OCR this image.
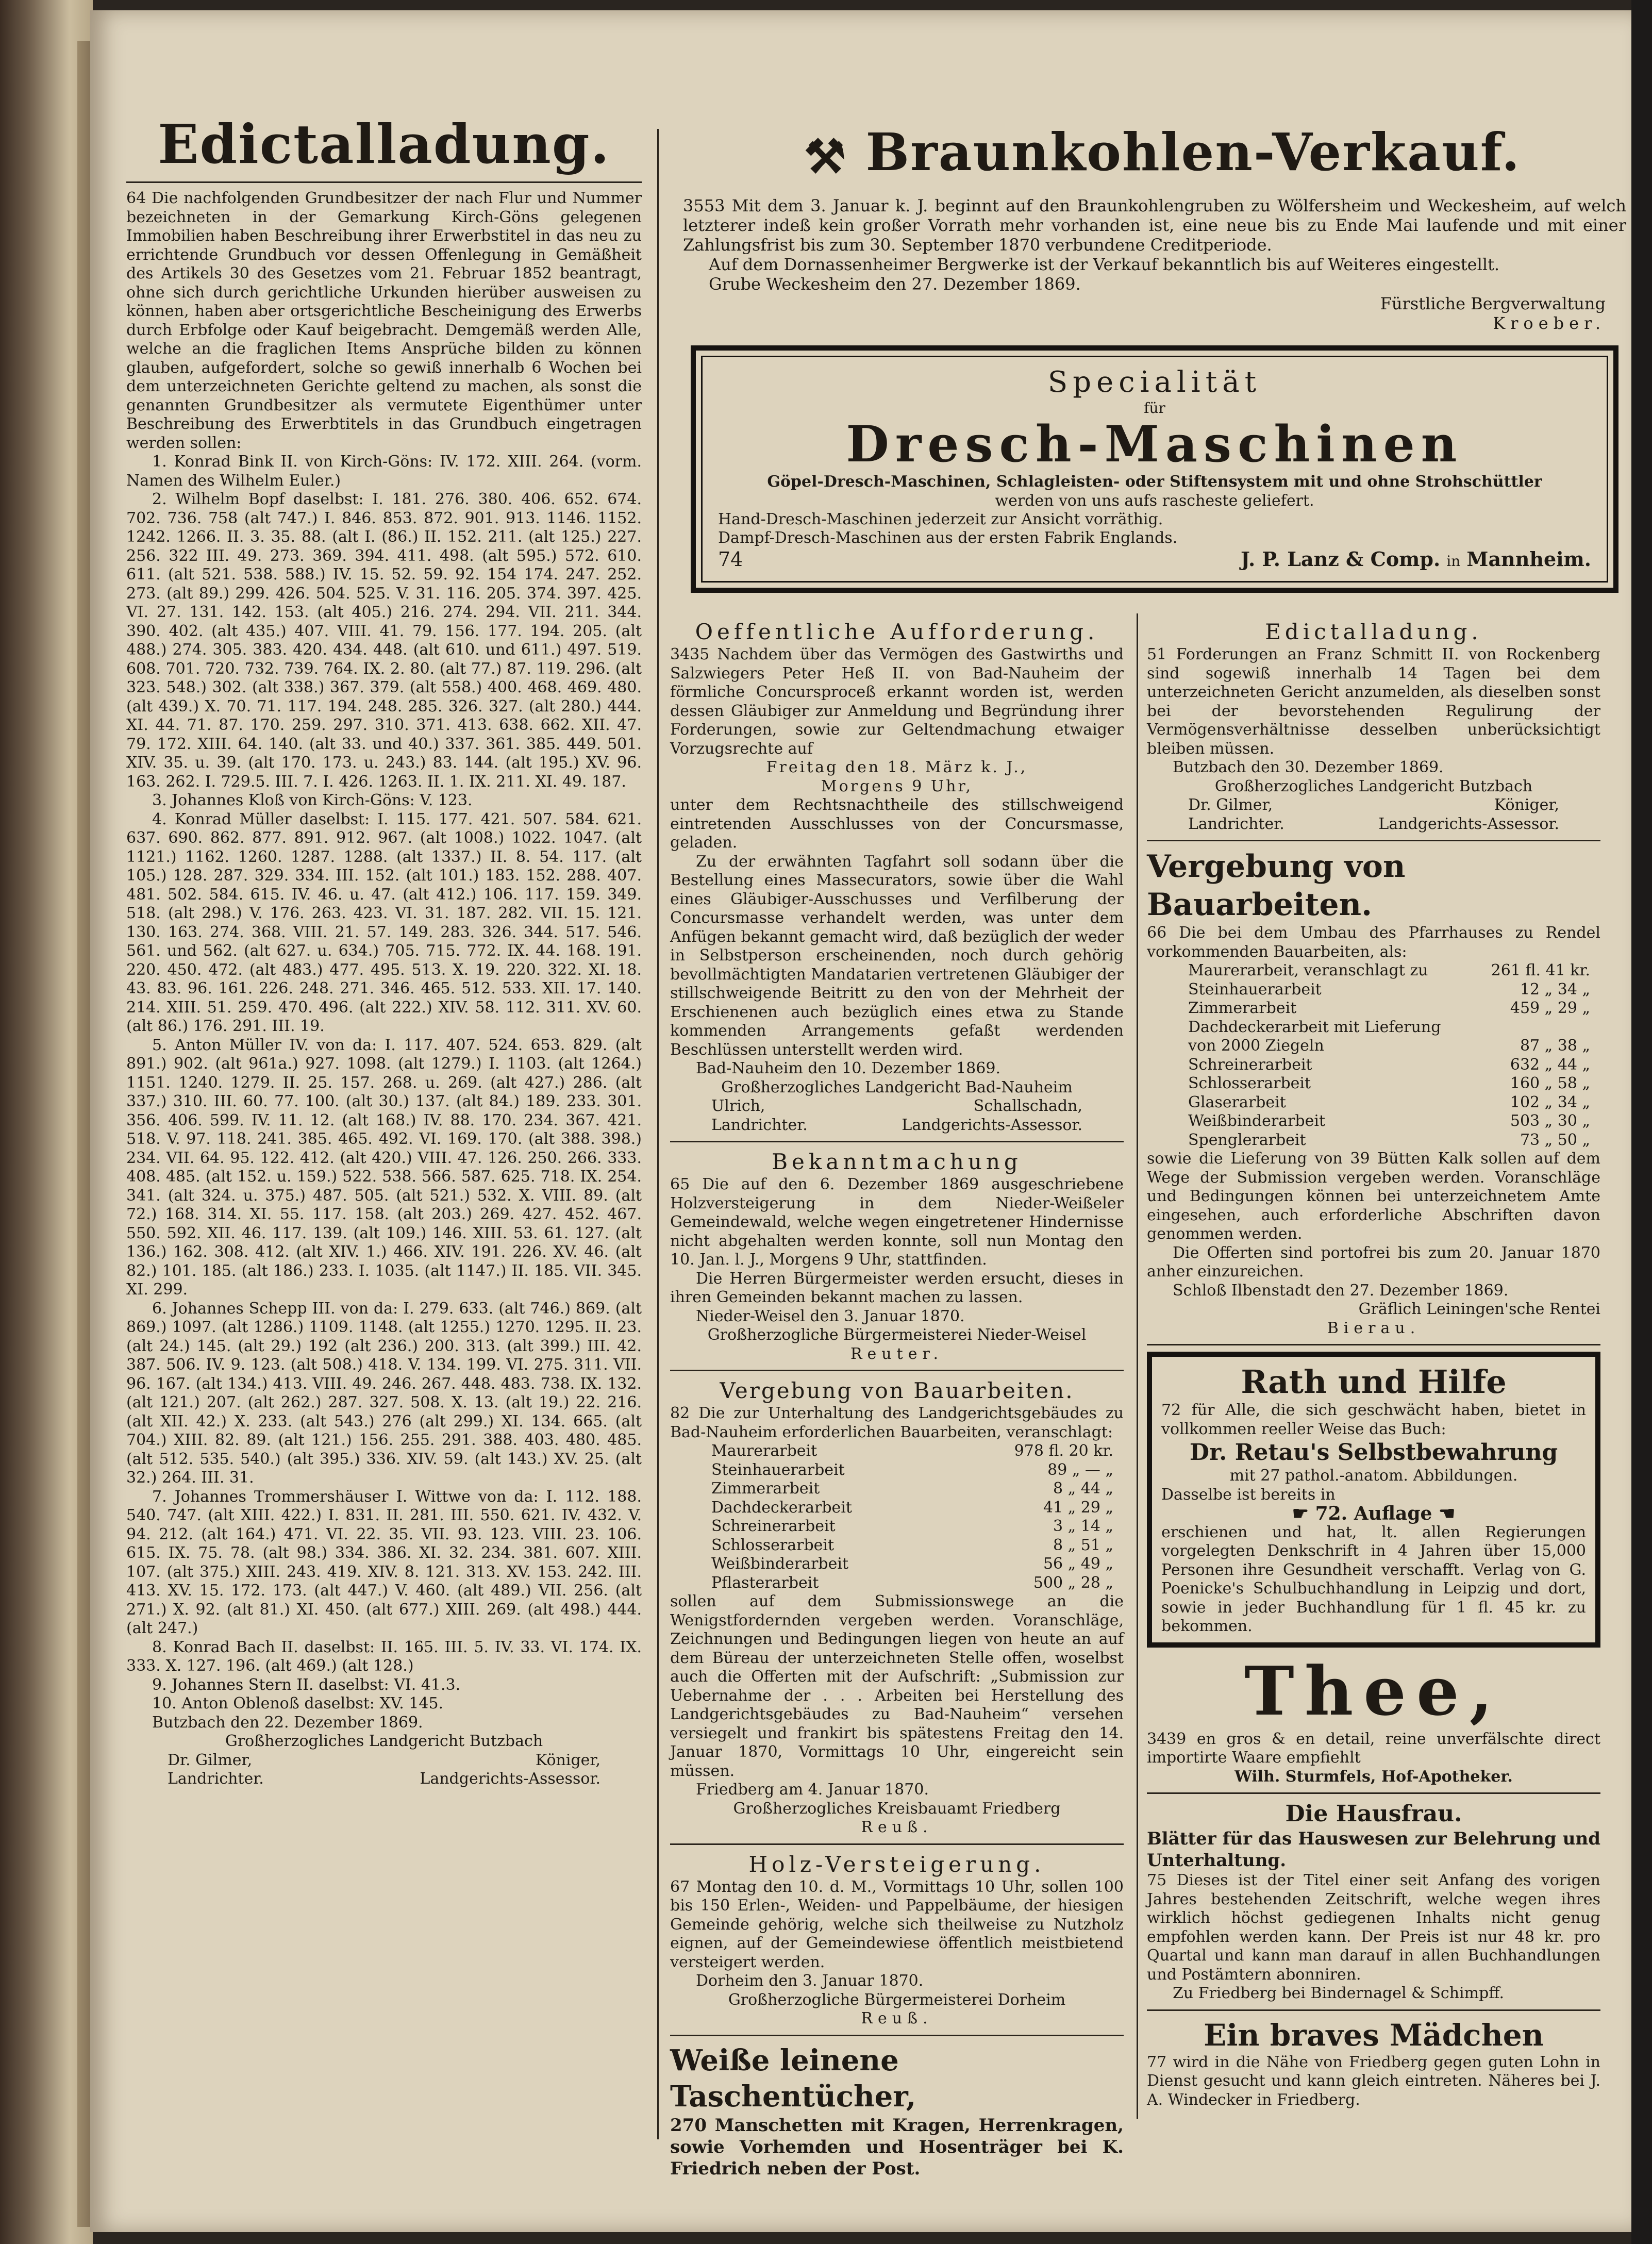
Edictalladung.

64 Die nachfolgenden Grundbesitzer der nach Flur und Nummer bezeichneten in der Gemarkung Kirch-Göns gelegenen Immobilien haben Beschreibung ihrer Erwerbstitel in das neu zu errichtende Grundbuch vor dessen Offenlegung in Gemäßheit des Artikels 30 des Gesetzes vom 21. Februar 1852 beantragt, ohne sich durch gerichtliche Urkunden hierüber ausweisen zu können, haben aber ortsgerichtliche Bescheinigung des Erwerbs durch Erbfolge oder Kauf beigebracht. Demgemäß werden Alle, welche an die fraglichen Items Ansprüche bilden zu können glauben, aufgefordert, solche so gewiß innerhalb 6 Wochen bei dem unterzeichneten Gerichte geltend zu machen, als sonst die genannten Grundbesitzer als vermutete Eigenthümer unter Beschreibung des Erwerbtitels in das Grundbuch eingetragen werden sollen:

1. Konrad Bink II. von Kirch-Göns: IV. 172. XIII. 264. (vorm. Namen des Wilhelm Euler.)

2. Wilhelm Bopf daselbst: I. 181. 276. 380. 406. 652. 674. 702. 736. 758 (alt 747.) I. 846. 853. 872. 901. 913. 1146. 1152. 1242. 1266. II. 3. 35. 88. (alt I. (86.) II. 152. 211. (alt 125.) 227. 256. 322 III. 49. 273. 369. 394. 411. 498. (alt 595.) 572. 610. 611. (alt 521. 538. 588.) IV. 15. 52. 59. 92. 154 174. 247. 252. 273. (alt 89.) 299. 426. 504. 525. V. 31. 116. 205. 374. 397. 425. VI. 27. 131. 142. 153. (alt 405.) 216. 274. 294. VII. 211. 344. 390. 402. (alt 435.) 407. VIII. 41. 79. 156. 177. 194. 205. (alt 488.) 274. 305. 383. 420. 434. 448. (alt 610. und 611.) 497. 519. 608. 701. 720. 732. 739. 764. IX. 2. 80. (alt 77.) 87. 119. 296. (alt 323. 548.) 302. (alt 338.) 367. 379. (alt 558.) 400. 468. 469. 480. (alt 439.) X. 70. 71. 117. 194. 248. 285. 326. 327. (alt 280.) 444. XI. 44. 71. 87. 170. 259. 297. 310. 371. 413. 638. 662. XII. 47. 79. 172. XIII. 64. 140. (alt 33. und 40.) 337. 361. 385. 449. 501. XIV. 35. u. 39. (alt 170. 173. u. 243.) 83. 144. (alt 195.) XV. 96. 163. 262. I. 729.5. III. 7. I. 426. 1263. II. 1. IX. 211. XI. 49. 187.

3. Johannes Kloß von Kirch-Göns: V. 123.

4. Konrad Müller daselbst: I. 115. 177. 421. 507. 584. 621. 637. 690. 862. 877. 891. 912. 967. (alt 1008.) 1022. 1047. (alt 1121.) 1162. 1260. 1287. 1288. (alt 1337.) II. 8. 54. 117. (alt 105.) 128. 287. 329. 334. III. 152. (alt 101.) 183. 152. 288. 407. 481. 502. 584. 615. IV. 46. u. 47. (alt 412.) 106. 117. 159. 349. 518. (alt 298.) V. 176. 263. 423. VI. 31. 187. 282. VII. 15. 121. 130. 163. 274. 368. VIII. 21. 57. 149. 283. 326. 344. 517. 546. 561. und 562. (alt 627. u. 634.) 705. 715. 772. IX. 44. 168. 191. 220. 450. 472. (alt 483.) 477. 495. 513. X. 19. 220. 322. XI. 18. 43. 83. 96. 161. 226. 248. 271. 346. 465. 512. 533. XII. 17. 140. 214. XIII. 51. 259. 470. 496. (alt 222.) XIV. 58. 112. 311. XV. 60. (alt 86.) 176. 291. III. 19.

5. Anton Müller IV. von da: I. 117. 407. 524. 653. 829. (alt 891.) 902. (alt 961a.) 927. 1098. (alt 1279.) I. 1103. (alt 1264.) 1151. 1240. 1279. II. 25. 157. 268. u. 269. (alt 427.) 286. (alt 337.) 310. III. 60. 77. 100. (alt 30.) 137. (alt 84.) 189. 233. 301. 356. 406. 599. IV. 11. 12. (alt 168.) IV. 88. 170. 234. 367. 421. 518. V. 97. 118. 241. 385. 465. 492. VI. 169. 170. (alt 388. 398.) 234. VII. 64. 95. 122. 412. (alt 420.) VIII. 47. 126. 250. 266. 333. 408. 485. (alt 152. u. 159.) 522. 538. 566. 587. 625. 718. IX. 254. 341. (alt 324. u. 375.) 487. 505. (alt 521.) 532. X. VIII. 89. (alt 72.) 168. 314. XI. 55. 117. 158. (alt 203.) 269. 427. 452. 467. 550. 592. XII. 46. 117. 139. (alt 109.) 146. XIII. 53. 61. 127. (alt 136.) 162. 308. 412. (alt XIV. 1.) 466. XIV. 191. 226. XV. 46. (alt 82.) 101. 185. (alt 186.) 233. I. 1035. (alt 1147.) II. 185. VII. 345. XI. 299.

6. Johannes Schepp III. von da: I. 279. 633. (alt 746.) 869. (alt 869.) 1097. (alt 1286.) 1109. 1148. (alt 1255.) 1270. 1295. II. 23. (alt 24.) 145. (alt 29.) 192 (alt 236.) 200. 313. (alt 399.) III. 42. 387. 506. IV. 9. 123. (alt 508.) 418. V. 134. 199. VI. 275. 311. VII. 96. 167. (alt 134.) 413. VIII. 49. 246. 267. 448. 483. 738. IX. 132. (alt 121.) 207. (alt 262.) 287. 327. 508. X. 13. (alt 19.) 22. 216. (alt XII. 42.) X. 233. (alt 543.) 276 (alt 299.) XI. 134. 665. (alt 704.) XIII. 82. 89. (alt 121.) 156. 255. 291. 388. 403. 480. 485. (alt 512. 535. 540.) (alt 395.) 336. XIV. 59. (alt 143.) XV. 25. (alt 32.) 264. III. 31.

7. Johannes Trommershäuser I. Wittwe von da: I. 112. 188. 540. 747. (alt XIII. 422.) I. 831. II. 281. III. 550. 621. IV. 432. V. 94. 212. (alt 164.) 471. VI. 22. 35. VII. 93. 123. VIII. 23. 106. 615. IX. 75. 78. (alt 98.) 334. 386. XI. 32. 234. 381. 607. XIII. 107. (alt 375.) XIII. 243. 419. XIV. 8. 121. 313. XV. 153. 242. III. 413. XV. 15. 172. 173. (alt 447.) V. 460. (alt 489.) VII. 256. (alt 271.) X. 92. (alt 81.) XI. 450. (alt 677.) XIII. 269. (alt 498.) 444. (alt 247.)

8. Konrad Bach II. daselbst: II. 165. III. 5. IV. 33. VI. 174. IX. 333. X. 127. 196. (alt 469.) (alt 128.)

9. Johannes Stern II. daselbst: VI. 41.3.

10. Anton Oblenoß daselbst: XV. 145.

Butzbach den 22. Dezember 1869.

Großherzogliches Landgericht Butzbach

Dr. Gilmer,	Königer,
Landrichter.	Landgerichts-Assessor.
⚒ Braunkohlen-Verkauf.

3553 Mit dem 3. Januar k. J. beginnt auf den Braunkohlengruben zu Wölfersheim und Weckesheim, auf welch letzterer indeß kein großer Vorrath mehr vorhanden ist, eine neue bis zu Ende Mai laufende und mit einer Zahlungsfrist bis zum 30. September 1870 verbundene Creditperiode.

Auf dem Dornassenheimer Bergwerke ist der Verkauf bekanntlich bis auf Weiteres eingestellt.

Grube Weckesheim den 27. Dezember 1869.

Fürstliche Bergverwaltung

Kroeber.

Specialität
für
Dresch-Maschinen
Göpel-Dresch-Maschinen, Schlagleisten- oder Stiftensystem mit und ohne Strohschüttler
werden von uns aufs rascheste geliefert.
Hand-Dresch-Maschinen jederzeit zur Ansicht vorräthig.
Dampf-Dresch-Maschinen aus der ersten Fabrik Englands.
74	J. P. Lanz & Comp. in Mannheim.
Oeffentliche Aufforderung.

3435 Nachdem über das Vermögen des Gastwirths und Salzwiegers Peter Heß II. von Bad-Nauheim der förmliche Concursproceß erkannt worden ist, werden dessen Gläubiger zur Anmeldung und Begründung ihrer Forderungen, sowie zur Geltendmachung etwaiger Vorzugsrechte auf

Freitag den 18. März k. J.,

Morgens 9 Uhr,

unter dem Rechtsnachtheile des stillschweigend eintretenden Ausschlusses von der Concursmasse, geladen.

Zu der erwähnten Tagfahrt soll sodann über die Bestellung eines Massecurators, sowie über die Wahl eines Gläubiger-Ausschusses und Verfilberung der Concursmasse verhandelt werden, was unter dem Anfügen bekannt gemacht wird, daß bezüglich der weder in Selbstperson erscheinenden, noch durch gehörig bevollmächtigten Mandatarien vertretenen Gläubiger der stillschweigende Beitritt zu den von der Mehrheit der Erschienenen auch bezüglich eines etwa zu Stande kommenden Arrangements gefaßt werdenden Beschlüssen unterstellt werden wird.

Bad-Nauheim den 10. Dezember 1869.

Großherzogliches Landgericht Bad-Nauheim

Ulrich,	Schallschadn,
Landrichter.	Landgerichts-Assessor.
Bekanntmachung

65 Die auf den 6. Dezember 1869 ausgeschriebene Holzversteigerung in dem Nieder-Weißeler Gemeindewald, welche wegen eingetretener Hindernisse nicht abgehalten werden konnte, soll nun Montag den 10. Jan. l. J., Morgens 9 Uhr, stattfinden.

Die Herren Bürgermeister werden ersucht, dieses in ihren Gemeinden bekannt machen zu lassen.

Nieder-Weisel den 3. Januar 1870.

Großherzogliche Bürgermeisterei Nieder-Weisel

Reuter.

Vergebung von Bauarbeiten.

82 Die zur Unterhaltung des Landgerichtsgebäudes zu Bad-Nauheim erforderlichen Bauarbeiten, veranschlagt:

Maurerarbeit	978 fl. 20 kr.
Steinhauerarbeit	89 „ — „
Zimmerarbeit	8 „ 44 „
Dachdeckerarbeit	41 „ 29 „
Schreinerarbeit	3 „ 14 „
Schlosserarbeit	8 „ 51 „
Weißbinderarbeit	56 „ 49 „
Pflasterarbeit	500 „ 28 „

sollen auf dem Submissionswege an die Wenigstfordernden vergeben werden. Voranschläge, Zeichnungen und Bedingungen liegen von heute an auf dem Büreau der unterzeichneten Stelle offen, woselbst auch die Offerten mit der Aufschrift: „Submission zur Uebernahme der . . . Arbeiten bei Herstellung des Landgerichtsgebäudes zu Bad-Nauheim“ versehen versiegelt und frankirt bis spätestens Freitag den 14. Januar 1870, Vormittags 10 Uhr, eingereicht sein müssen.

Friedberg am 4. Januar 1870.

Großherzogliches Kreisbauamt Friedberg

Reuß.

Holz-Versteigerung.

67 Montag den 10. d. M., Vormittags 10 Uhr, sollen 100 bis 150 Erlen-, Weiden- und Pappelbäume, der hiesigen Gemeinde gehörig, welche sich theilweise zu Nutzholz eignen, auf der Gemeindewiese öffentlich meistbietend versteigert werden.

Dorheim den 3. Januar 1870.

Großherzogliche Bürgermeisterei Dorheim

Reuß.

Weiße leinene Taschentücher,

270 Manschetten mit Kragen, Herrenkragen, sowie Vorhemden und Hosenträger bei K. Friedrich neben der Post.

Edictalladung.

51 Forderungen an Franz Schmitt II. von Rockenberg sind sogewiß innerhalb 14 Tagen bei dem unterzeichneten Gericht anzumelden, als dieselben sonst bei der bevorstehenden Regulirung der Vermögensverhältnisse desselben unberücksichtigt bleiben müssen.

Butzbach den 30. Dezember 1869.

Großherzogliches Landgericht Butzbach

Dr. Gilmer,	Königer,
Landrichter.	Landgerichts-Assessor.
Vergebung von Bauarbeiten.

66 Die bei dem Umbau des Pfarrhauses zu Rendel vorkommenden Bauarbeiten, als:

Maurerarbeit, veranschlagt zu	261 fl. 41 kr.
Steinhauerarbeit	12 „ 34 „
Zimmerarbeit	459 „ 29 „
Dachdeckerarbeit mit Lieferung
von 2000 Ziegeln	87 „ 38 „
Schreinerarbeit	632 „ 44 „
Schlosserarbeit	160 „ 58 „
Glaserarbeit	102 „ 34 „
Weißbinderarbeit	503 „ 30 „
Spenglerarbeit	73 „ 50 „

sowie die Lieferung von 39 Bütten Kalk sollen auf dem Wege der Submission vergeben werden. Voranschläge und Bedingungen können bei unterzeichnetem Amte eingesehen, auch erforderliche Abschriften davon genommen werden.

Die Offerten sind portofrei bis zum 20. Januar 1870 anher einzureichen.

Schloß Ilbenstadt den 27. Dezember 1869.

Gräflich Leiningen'sche Rentei

Bierau.

Rath und Hilfe

72 für Alle, die sich geschwächt haben, bietet in vollkommen reeller Weise das Buch:

Dr. Retau's Selbstbewahrung

mit 27 pathol.-anatom. Abbildungen.

Dasselbe ist bereits in

☛ 72. Auflage ☚

erschienen und hat, lt. allen Regierungen vorgelegten Denkschrift in 4 Jahren über 15,000 Personen ihre Gesundheit verschafft. Verlag von G. Poenicke's Schulbuchhandlung in Leipzig und dort, sowie in jeder Buchhandlung für 1 fl. 45 kr. zu bekommen.

Thee,

3439 en gros & en detail, reine unverfälschte direct importirte Waare empfiehlt

Wilh. Sturmfels, Hof-Apotheker.

Die Hausfrau.

Blätter für das Hauswesen zur Belehrung und Unterhaltung.

75 Dieses ist der Titel einer seit Anfang des vorigen Jahres bestehenden Zeitschrift, welche wegen ihres wirklich höchst gediegenen Inhalts nicht genug empfohlen werden kann. Der Preis ist nur 48 kr. pro Quartal und kann man darauf in allen Buchhandlungen und Postämtern abonniren.

Zu Friedberg bei Bindernagel & Schimpff.

Ein braves Mädchen

77 wird in die Nähe von Friedberg gegen guten Lohn in Dienst gesucht und kann gleich eintreten. Näheres bei J. A. Windecker in Friedberg.
